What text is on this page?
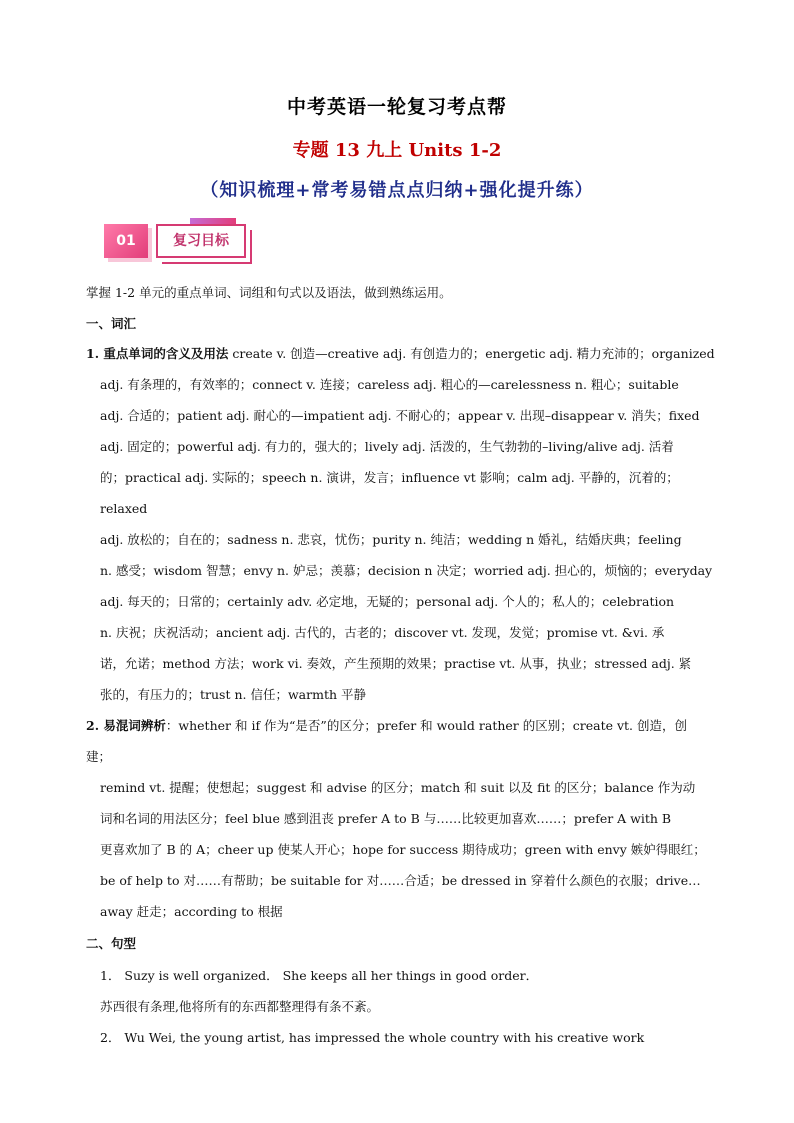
中考英语一轮复习考点帮
专题 13 九上 Units 1-2
（知识梳理+常考易错点点归纳+强化提升练）
01	复习目标

掌握 1-2 单元的重点单词、词组和句式以及语法，做到熟练运用。

一、词汇

1. 重点单词的含义及用法 create v. 创造—creative adj. 有创造力的；energetic adj. 精力充沛的；organized

adj. 有条理的，有效率的；connect v. 连接；careless adj. 粗心的—carelessness n. 粗心；suitable

adj. 合适的；patient adj. 耐心的—impatient adj. 不耐心的；appear v. 出现–disappear v. 消失；fixed

adj. 固定的；powerful adj. 有力的，强大的；lively adj. 活泼的，生气勃勃的–living/alive adj. 活着

的；practical adj. 实际的；speech n. 演讲，发言；influence vt 影响；calm adj. 平静的，沉着的；relaxed

adj. 放松的；自在的；sadness n. 悲哀，忧伤；purity n. 纯洁；wedding n 婚礼，结婚庆典；feeling

n. 感受；wisdom 智慧；envy n. 妒忌；羡慕；decision n 决定；worried adj. 担心的，烦恼的；everyday

adj. 每天的；日常的；certainly adv. 必定地，无疑的；personal adj. 个人的；私人的；celebration

n. 庆祝；庆祝活动；ancient adj. 古代的，古老的；discover vt. 发现，发觉；promise vt. &vi. 承

诺，允诺；method 方法；work vi. 奏效，产生预期的效果；practise vt. 从事，执业；stressed adj. 紧

张的，有压力的；trust n. 信任；warmth 平静

2. 易混词辨析：whether 和 if 作为“是否”的区分；prefer 和 would rather 的区别；create vt. 创造，创

建；

remind vt. 提醒；使想起；suggest 和 advise 的区分；match 和 suit 以及 fit 的区分；balance 作为动

词和名词的用法区分；feel blue 感到沮丧 prefer A to B 与……比较更加喜欢……；prefer A with B

更喜欢加了 B 的 A；cheer up 使某人开心；hope for success 期待成功；green with envy 嫉妒得眼红；

be of help to 对……有帮助；be suitable for 对……合适；be dressed in 穿着什么颜色的衣服；drive…

away 赶走；according to 根据

二、句型

1． Suzy is well organized． She keeps all her things in good order．

苏西很有条理,他将所有的东西都整理得有条不紊。

2． Wu Wei, the young artist, has impressed the whole country with his creative work
